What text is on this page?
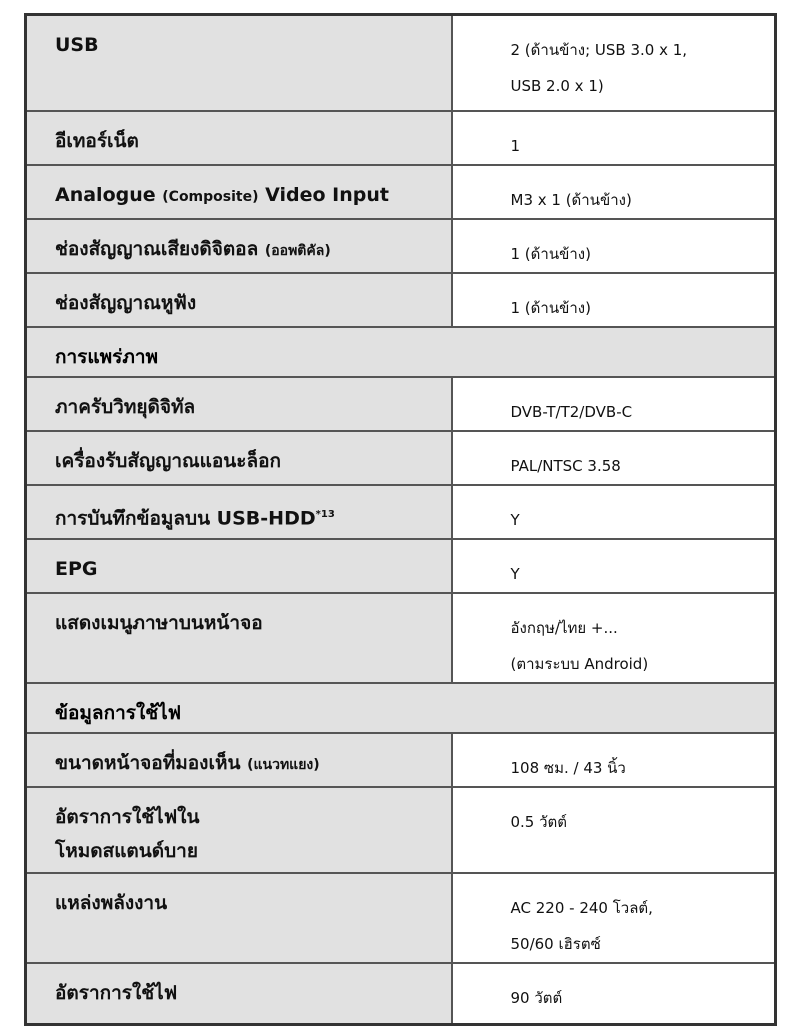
USB	2 (ด้านข้าง; USB 3.0 x 1,
USB 2.0 x 1)

อีเทอร์เน็ต	1

Analogue (Composite) Video Input	M3 x 1 (ด้านข้าง)

ช่องสัญญาณเสียงดิจิตอล (ออพติคัล)	1 (ด้านข้าง)

ช่องสัญญาณหูฟัง	1 (ด้านข้าง)

การแพร่ภาพ	
ภาครับวิทยุดิจิทัล	DVB-T/T2/DVB-C

เครื่องรับสัญญาณแอนะล็อก	PAL/NTSC 3.58

การบันทึกข้อมูลบน USB-HDD$^{*13}$	Y

EPG	Y

แสดงเมนูภาษาบนหน้าจอ	อังกฤษ/ไทย +...
(ตามระบบ Android)

ข้อมูลการใช้ไฟ	
ขนาดหน้าจอที่มองเห็น (แนวทแยง)	108 ซม. / 43 นิ้ว

อัตราการใช้ไฟใน
โหมดสแตนด์บาย	0.5 วัตต์

แหล่งพลังงาน	AC 220 - 240 โวลต์,
50/60 เฮิรตซ์

อัตราการใช้ไฟ	90 วัตต์
